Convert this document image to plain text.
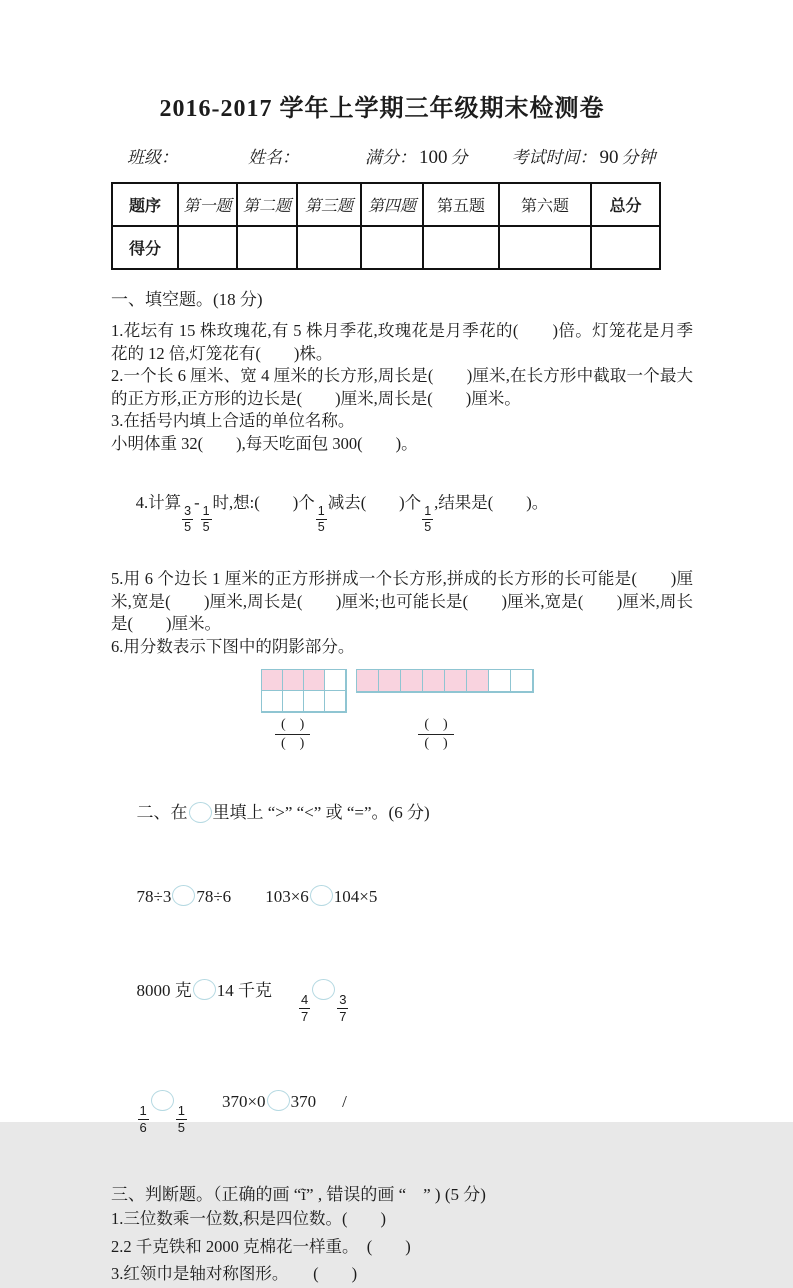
2016-2017 学年上学期三年级期末检测卷
班级：	姓名：	满分： 100 分	考试时间： 90 分钟
题序	第一题	第二题	第三题	第四题	第五题	第六题	总分
得分							
一、填空题。(18 分)
1.花坛有 15 株玫瑰花,有 5 株月季花,玫瑰花是月季花的(　　)倍。灯笼花是月季花的 12 倍,灯笼花有(　　)株。
2.一个长 6 厘米、宽 4 厘米的长方形,周长是(　　)厘米,在长方形中截取一个最大的正方形,正方形的边长是(　　)厘米,周长是(　　)厘米。
3.在括号内填上合适的单位名称。
小明体重 32(　　),每天吃面包 300(　　)。

4.计算
$\frac{3}{5}$
-
$\frac{1}{5}$
时,想:(　　)个
$\frac{1}{5}$
减去(　　)个
$\frac{1}{5}$
,结果是(　　)。

5.用 6 个边长 1 厘米的正方形拼成一个长方形,拼成的长方形的长可能是(　　)厘米,宽是(　　)厘米,周长是(　　)厘米;也可能长是(　　)厘米,宽是(　　)厘米,周长是(　　)厘米。
6.用分数表示下图中的阴影部分。
(　)
(　)
(　)
(　)

二、在 里填上 “>” “<” 或 “=”。(6 分)

78÷3 78÷6 103×6 104×5

8000 克 14 千克
$\frac{4}{7} \frac{3}{7}$

$\frac{1}{6} \frac{1}{5}$
370×0 370 /

三、判断题。（正确的画 “ĩ” , 错误的画 “　” ) (5 分)
1.三位数乘一位数,积是四位数。(　　)
2.2 千克铁和 2000 克棉花一样重。　(　　)
3.红领巾是轴对称图形。　　(　　)
